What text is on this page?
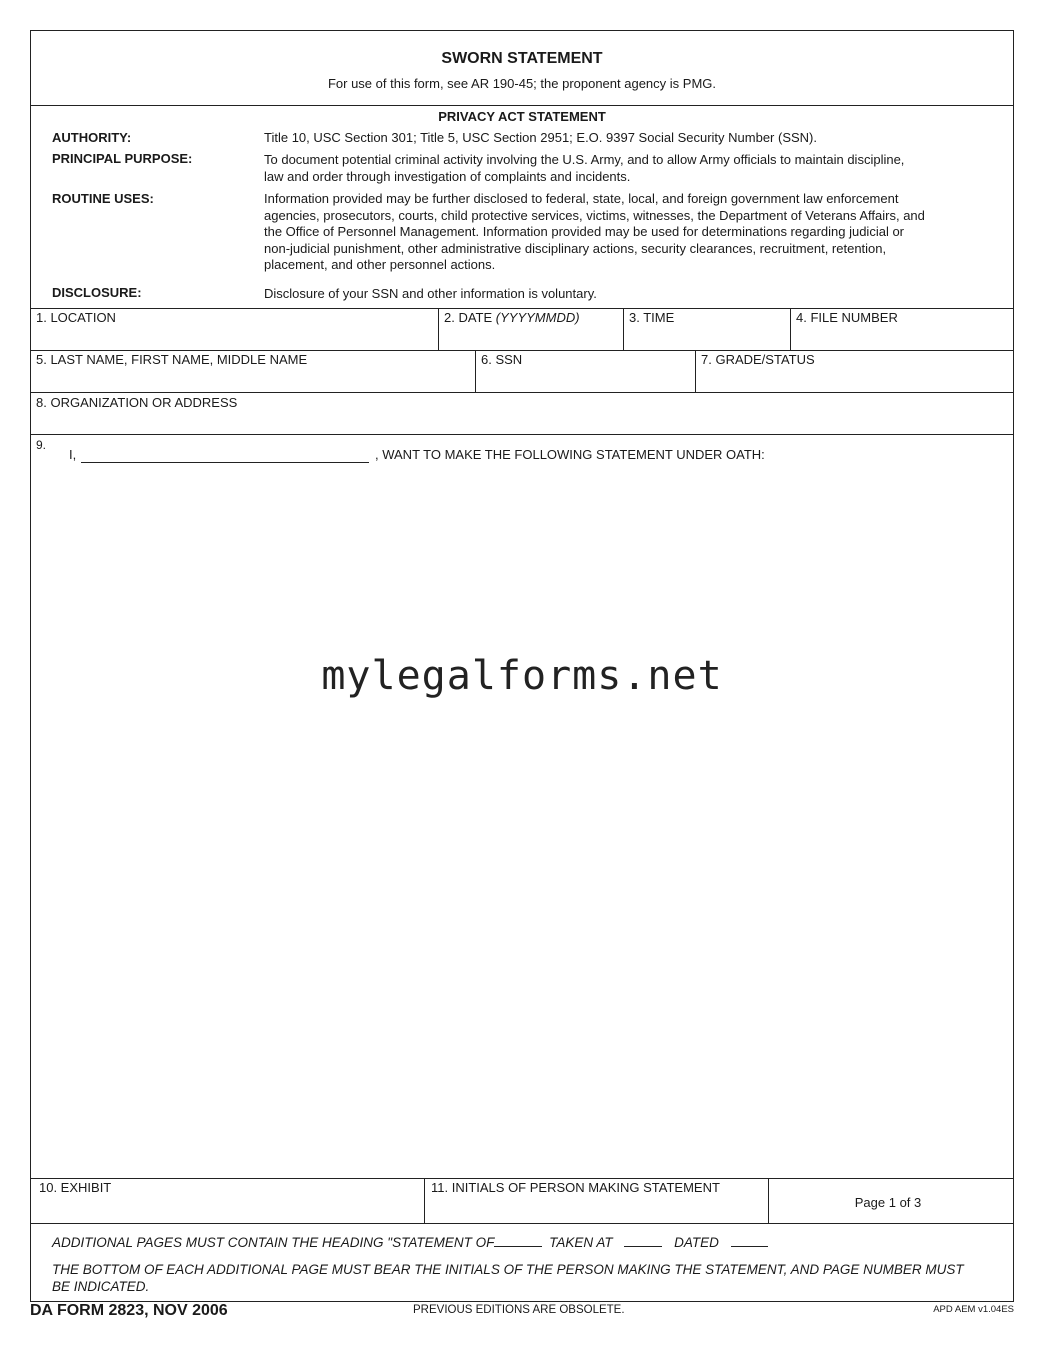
SWORN STATEMENT
For use of this form, see AR 190-45; the proponent agency is PMG.
PRIVACY ACT STATEMENT
AUTHORITY:	Title 10, USC Section 301; Title 5, USC Section 2951; E.O. 9397 Social Security Number (SSN).
PRINCIPAL PURPOSE:	To document potential criminal activity involving the U.S. Army, and to allow Army officials to maintain discipline,
law and order through investigation of complaints and incidents.
ROUTINE USES:	Information provided may be further disclosed to federal, state, local, and foreign government law enforcement
agencies, prosecutors, courts, child protective services, victims, witnesses, the Department of Veterans Affairs, and
the Office of Personnel Management. Information provided may be used for determinations regarding judicial or
non-judicial punishment, other administrative disciplinary actions, security clearances, recruitment, retention,
placement, and other personnel actions.
DISCLOSURE:	Disclosure of your SSN and other information is voluntary.
1. LOCATION	2. DATE (YYYYMMDD)	3. TIME	4. FILE NUMBER
5. LAST NAME, FIRST NAME, MIDDLE NAME	6. SSN	7. GRADE/STATUS
8. ORGANIZATION OR ADDRESS
9.
I,	, WANT TO MAKE THE FOLLOWING STATEMENT UNDER OATH:
mylegalforms.net
10. EXHIBIT	11. INITIALS OF PERSON MAKING STATEMENT
Page 1 of 3
ADDITIONAL PAGES MUST CONTAIN THE HEADING "STATEMENT OF	TAKEN AT	DATED
THE BOTTOM OF EACH ADDITIONAL PAGE MUST BEAR THE INITIALS OF THE PERSON MAKING THE STATEMENT, AND PAGE NUMBER MUST
BE INDICATED.
DA FORM 2823, NOV 2006	PREVIOUS EDITIONS ARE OBSOLETE.	APD AEM v1.04ES
